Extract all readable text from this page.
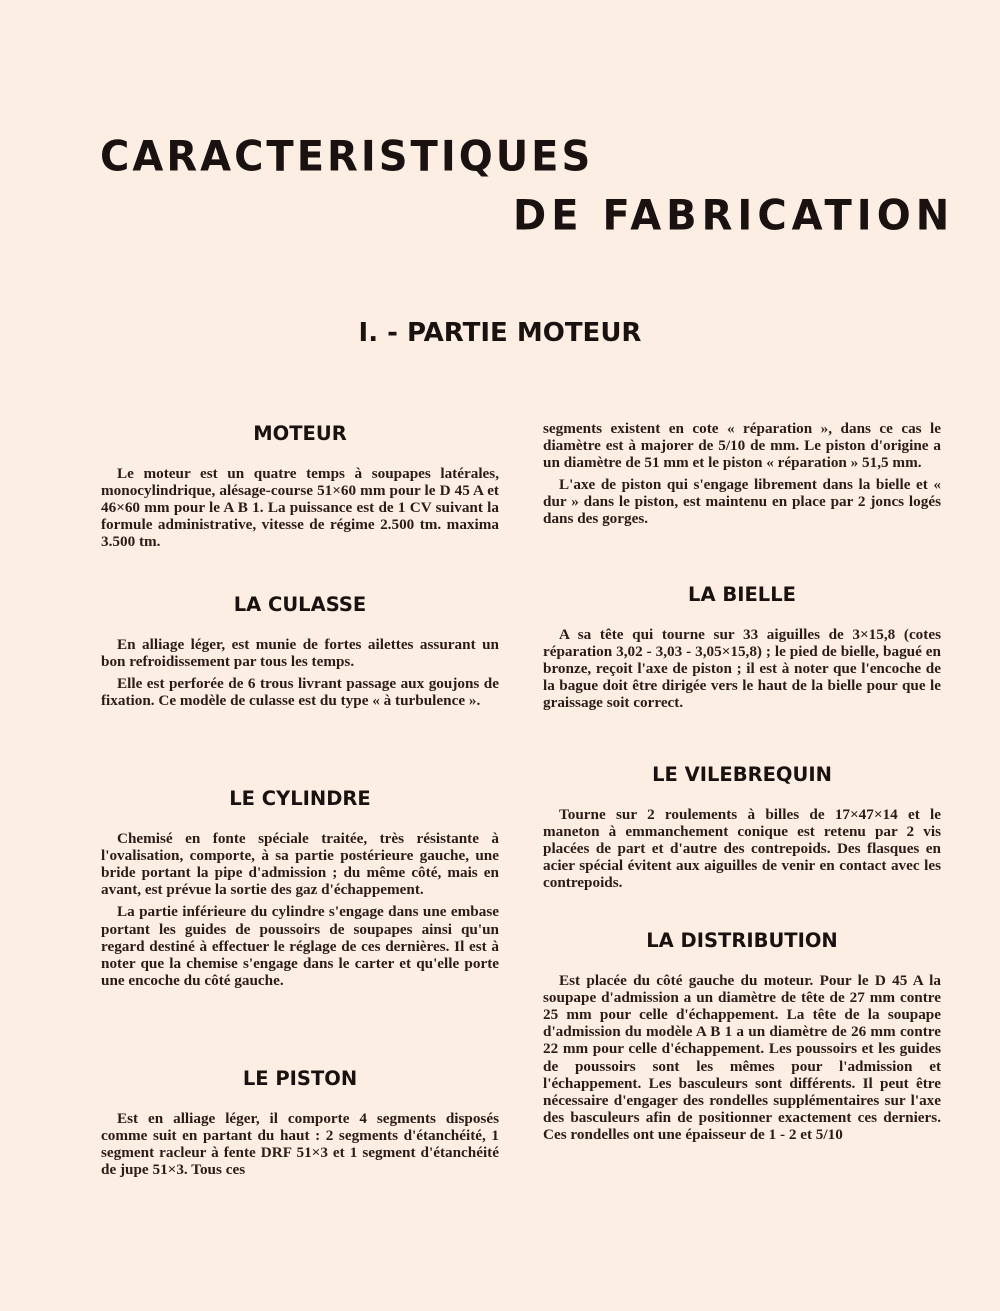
CARACTERISTIQUES
DE FABRICATION
I. - PARTIE MOTEUR
MOTEUR

Le moteur est un quatre temps à soupapes latérales, monocylindrique, alésage-course 51×60 mm pour le D 45 A et 46×60 mm pour le A B 1. La puissance est de 1 CV suivant la formule administrative, vitesse de régime 2.500 tm. maxima 3.500 tm.

LA CULASSE

En alliage léger, est munie de fortes ailettes assurant un bon refroidissement par tous les temps.

Elle est perforée de 6 trous livrant passage aux goujons de fixation. Ce modèle de culasse est du type « à turbulence ».

LE CYLINDRE

Chemisé en fonte spéciale traitée, très résistante à l'ovalisation, comporte, à sa partie postérieure gauche, une bride portant la pipe d'admission ; du même côté, mais en avant, est prévue la sortie des gaz d'échappement.

La partie inférieure du cylindre s'engage dans une embase portant les guides de poussoirs de soupapes ainsi qu'un regard destiné à effectuer le réglage de ces dernières. Il est à noter que la chemise s'engage dans le carter et qu'elle porte une encoche du côté gauche.

LE PISTON

Est en alliage léger, il comporte 4 segments disposés comme suit en partant du haut : 2 segments d'étanchéité, 1 segment racleur à fente DRF 51×3 et 1 segment d'étanchéité de jupe 51×3. Tous ces

segments existent en cote « réparation », dans ce cas le diamètre est à majorer de 5/10 de mm. Le piston d'origine a un diamètre de 51 mm et le piston « réparation » 51,5 mm.

L'axe de piston qui s'engage librement dans la bielle et « dur » dans le piston, est maintenu en place par 2 joncs logés dans des gorges.

LA BIELLE

A sa tête qui tourne sur 33 aiguilles de 3×15,8 (cotes réparation 3,02 - 3,03 - 3,05×15,8) ; le pied de bielle, bagué en bronze, reçoit l'axe de piston ; il est à noter que l'encoche de la bague doit être dirigée vers le haut de la bielle pour que le graissage soit correct.

LE VILEBREQUIN

Tourne sur 2 roulements à billes de 17×47×14 et le maneton à emmanchement conique est retenu par 2 vis placées de part et d'autre des contrepoids. Des flasques en acier spécial évitent aux aiguilles de venir en contact avec les contrepoids.

LA DISTRIBUTION

Est placée du côté gauche du moteur. Pour le D 45 A la soupape d'admission a un diamètre de tête de 27 mm contre 25 mm pour celle d'échappement. La tête de la soupape d'admission du modèle A B 1 a un diamètre de 26 mm contre 22 mm pour celle d'échappement. Les poussoirs et les guides de poussoirs sont les mêmes pour l'admission et l'échappement. Les basculeurs sont différents. Il peut être nécessaire d'engager des rondelles supplémentaires sur l'axe des basculeurs afin de positionner exactement ces derniers. Ces rondelles ont une épaisseur de 1 - 2 et 5/10
